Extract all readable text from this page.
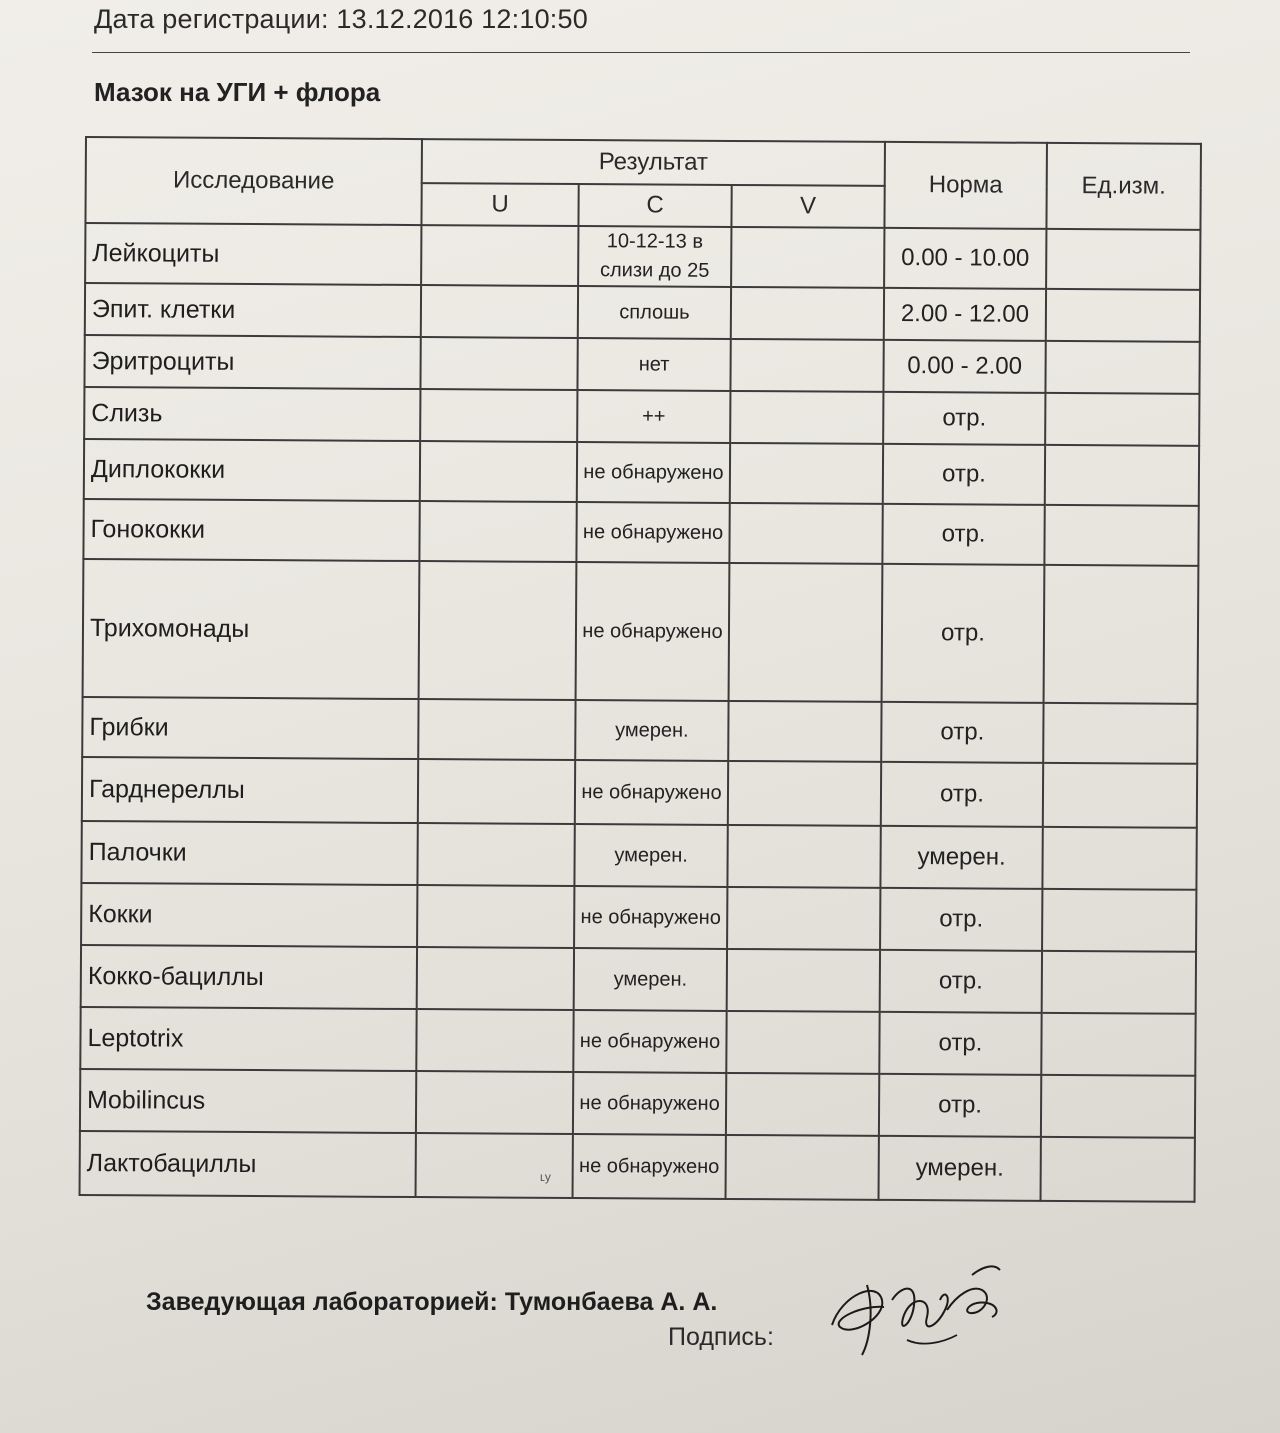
Дата регистрации: 13.12.2016 12:10:50
Мазок на УГИ + флора
Исследование	Результат			Норма	Ед.изм.
	U	C	V		
Лейкоциты		10-12-13 в слизи до 25		0.00 - 10.00	
Эпит. клетки		сплошь		2.00 - 12.00	
Эритроциты		нет		0.00 - 2.00	
Слизь		++		отр.	
Диплококки		не обнаружено		отр.	
Гонококки		не обнаружено		отр.	
Трихомонады		не обнаружено		отр.	
Грибки		умерен.		отр.	
Гарднереллы		не обнаружено		отр.	
Палочки		умерен.		умерен.	
Кокки		не обнаружено		отр.	
Кокко-бациллы		умерен.		отр.	
Leptotrix		не обнаружено		отр.	
Mobilincus		не обнаружено		отр.	
Лактобациллы		не обнаружено		умерен.	
ʟy
Заведующая лабораторией: Тумонбаева А. А.
Подпись:
